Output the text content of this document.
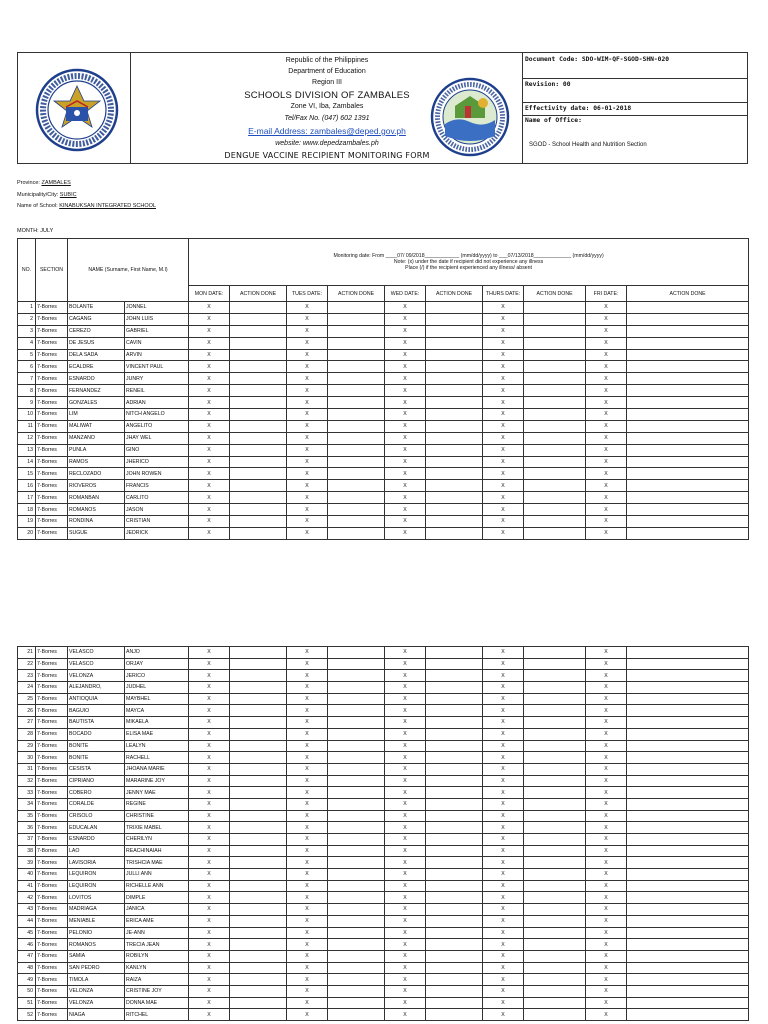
Republic of the Philippines
Department of Education
Region III
SCHOOLS DIVISION OF ZAMBALES
Zone VI, Iba, Zambales
Tel/Fax No. (047) 602 1391
E-mail Address: zambales@deped.gov.ph
website: www.depedzambales.ph
DENGUE VACCINE RECIPIENT MONITORING FORM
Document Code: SDO-WIM-QF-SGOD-SHN-020
Revision: 00
Effectivity date: 06-01-2018
Name of Office:
SGOD - School Health and Nutrition Section
Province: ZAMBALES
Municipality/City: SUBIC
Name of School: KINABUKSAN INTEGRATED SCHOOL
MONTH: JULY
NO.	SECTION	NAME (Surname, First Name, M.I)		Monitoring date: From ____07/ 09/2018____________ (mm/dd/yyyy) to ___07/13/2018_____________ (mm/dd/yyyy)
Note: (x) under the date if recipient did not experience any illness
Place (/) if the recipient experienced any illness/ absent									

				MON DATE:	ACTION DONE	TUES DATE:	ACTION DONE	WED DATE:	ACTION DONE	THURS DATE:	ACTION DONE	FRI DATE:	ACTION DONE
1	7-Borres	BOLANTE	JONNEL	X		X		X		X		X	
2	7-Borres	CAGANG	JOHN LUIS	X		X		X		X		X	
3	7-Borres	CEREZO	GABRIEL	X		X		X		X		X	
4	7-Borres	DE JESUS	CAVIN	X		X		X		X		X	
5	7-Borres	DELA SADA	ARVIN	X		X		X		X		X	
6	7-Borres	ECALDRE	VINCENT PAUL	X		X		X		X		X	
7	7-Borres	ESNARDO	JUNRY	X		X		X		X		X	
8	7-Borres	FERNANDEZ	RENEIL	X		X		X		X		X	
9	7-Borres	GONZALES	ADRIAN	X		X		X		X		X	
10	7-Borres	LIM	NITCH ANGELO	X		X		X		X		X	
11	7-Borres	MALIWAT	ANGELITO	X		X		X		X		X	
12	7-Borres	MANZANO	JHAY WEL	X		X		X		X		X	
13	7-Borres	PUNLA	GINO	X		X		X		X		X	
14	7-Borres	RAMOS	JHERICO	X		X		X		X		X	
15	7-Borres	RECLOZADO	JOHN ROWEN	X		X		X		X		X	
16	7-Borres	RIOVEROS	FRANCIS	X		X		X		X		X	
17	7-Borres	ROMANBAN	CARLITO	X		X		X		X		X	
18	7-Borres	ROMANOS	JASON	X		X		X		X		X	
19	7-Borres	RONDINA	CRISTIAN	X		X		X		X		X	
20	7-Borres	SUGUE	JEDRICK	X		X		X		X		X	
21	7-Borres	VELASCO	ANJO	X		X		X		X		X	
22	7-Borres	VELASCO	ORJAY	X		X		X		X		X	
23	7-Borres	VELONZA	JERICO	X		X		X		X		X	
24	7-Borres	ALEJANDRO,	JUDHEL	X		X		X		X		X	
25	7-Borres	ANTIOQUIA	MAYBHEL	X		X		X		X		X	
26	7-Borres	BAGUIO	MAYCA	X		X		X		X		X	
27	7-Borres	BAUTISTA	MIKAELA	X		X		X		X		X	
28	7-Borres	BOCADO	ELISA MAE	X		X		X		X		X	
29	7-Borres	BONITE	LEALYN	X		X		X		X		X	
30	7-Borres	BONITE	RACHELL	X		X		X		X		X	
31	7-Borres	CESISTA	JHOANA MARIE	X		X		X		X		X	
32	7-Borres	CIPRIANO	MARARINE JOY	X		X		X		X		X	
33	7-Borres	COBERO	JENNY MAE	X		X		X		X		X	
34	7-Borres	CORALDE	REGINE	X		X		X		X		X	
35	7-Borres	CRISOLO	CHRISTINE	X		X		X		X		X	
36	7-Borres	EDUCALAN	TRIXIE MABEL	X		X		X		X		X	
37	7-Borres	ESNARDO	CHERILYN	X		X		X		X		X	
38	7-Borres	LAO	REACHINAIAH	X		X		X		X		X	
39	7-Borres	LAVISORIA	TRISHCIA MAE	X		X		X		X		X	
40	7-Borres	LEQUIRON	JULLI ANN	X		X		X		X		X	
41	7-Borres	LEQUIRON	RICHELLE ANN	X		X		X		X		X	
42	7-Borres	LOVITOS	DIMPLE	X		X		X		X		X	
43	7-Borres	MADRIAGA	JANICA	X		X		X		X		X	
44	7-Borres	MENIABLE	ERICA AME	X		X		X		X		X	
45	7-Borres	PELONIO	JE-ANN	X		X		X		X		X	
46	7-Borres	ROMANOS	TRECIA JEAN	X		X		X		X		X	
47	7-Borres	SAMIA	ROBILYN	X		X		X		X		X	
48	7-Borres	SAN PEDRO	KANLYN	X		X		X		X		X	
49	7-Borres	TIMOLA	RAIZA	X		X		X		X		X	
50	7-Borres	VELONZA	CRISTINE JOY	X		X		X		X		X	
51	7-Borres	VELONZA	DONNA MAE	X		X		X		X		X	
52	7-Borres	NIAGA	RITCHEL	X		X		X		X		X	
